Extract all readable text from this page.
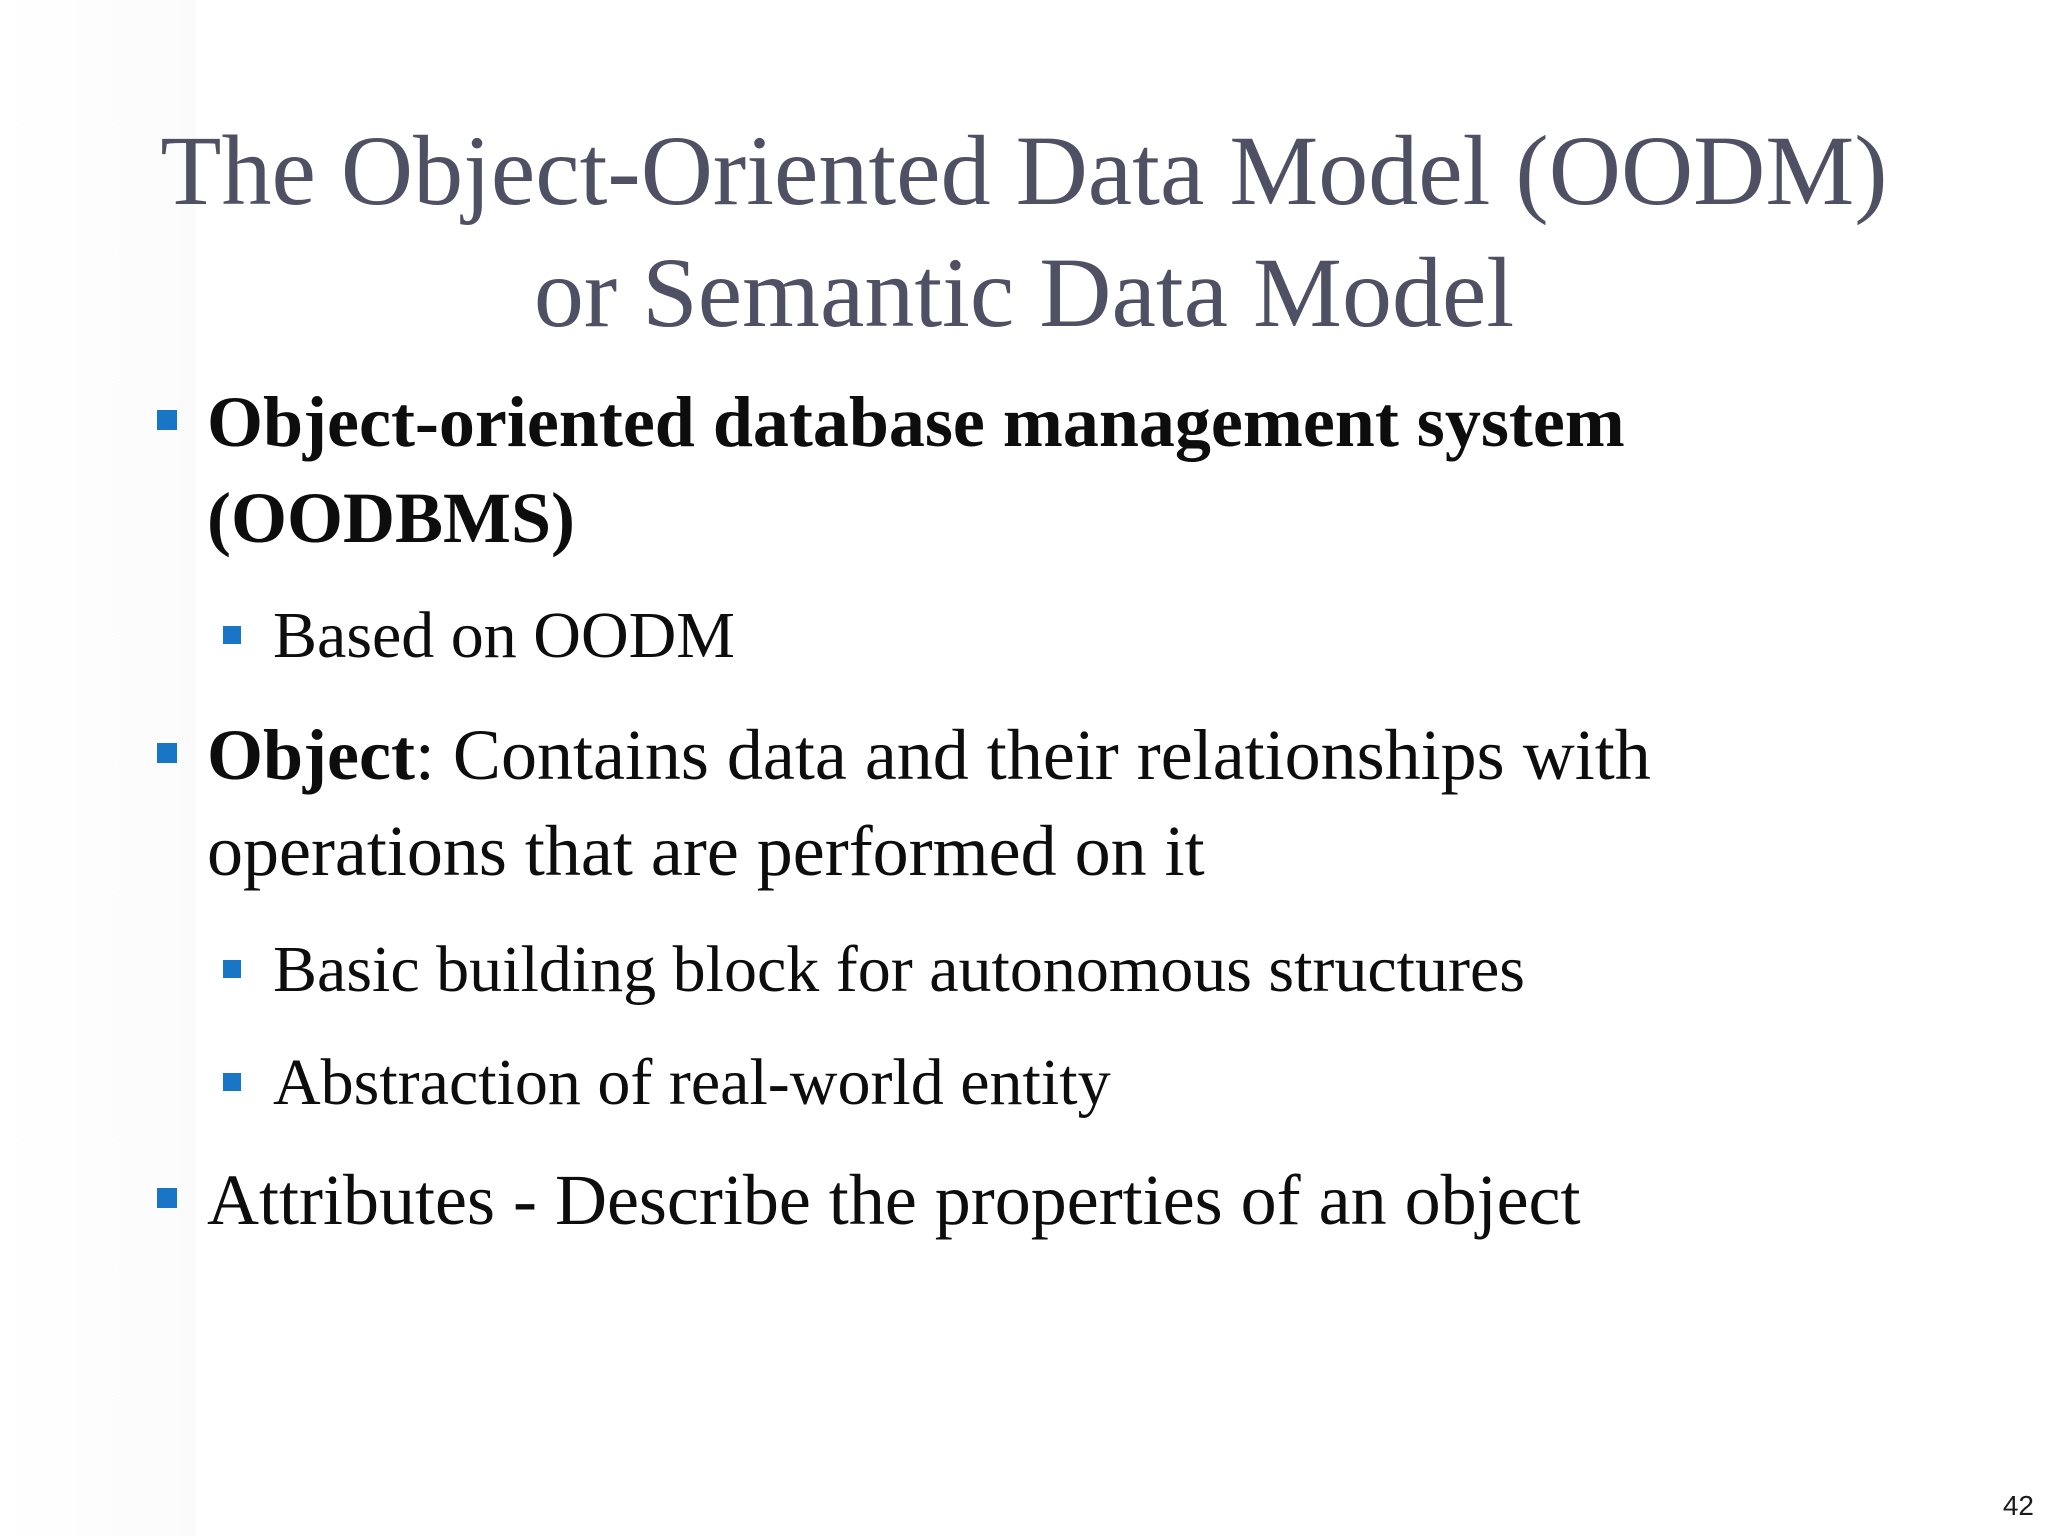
The Object-Oriented Data Model (OODM)
or Semantic Data Model

Object-oriented database management system (OODBMS)

Based on OODM

Object: Contains data and their relationships with operations that are performed on it

Basic building block for autonomous structures

Abstraction of real-world entity

Attributes - Describe the properties of an object

42
